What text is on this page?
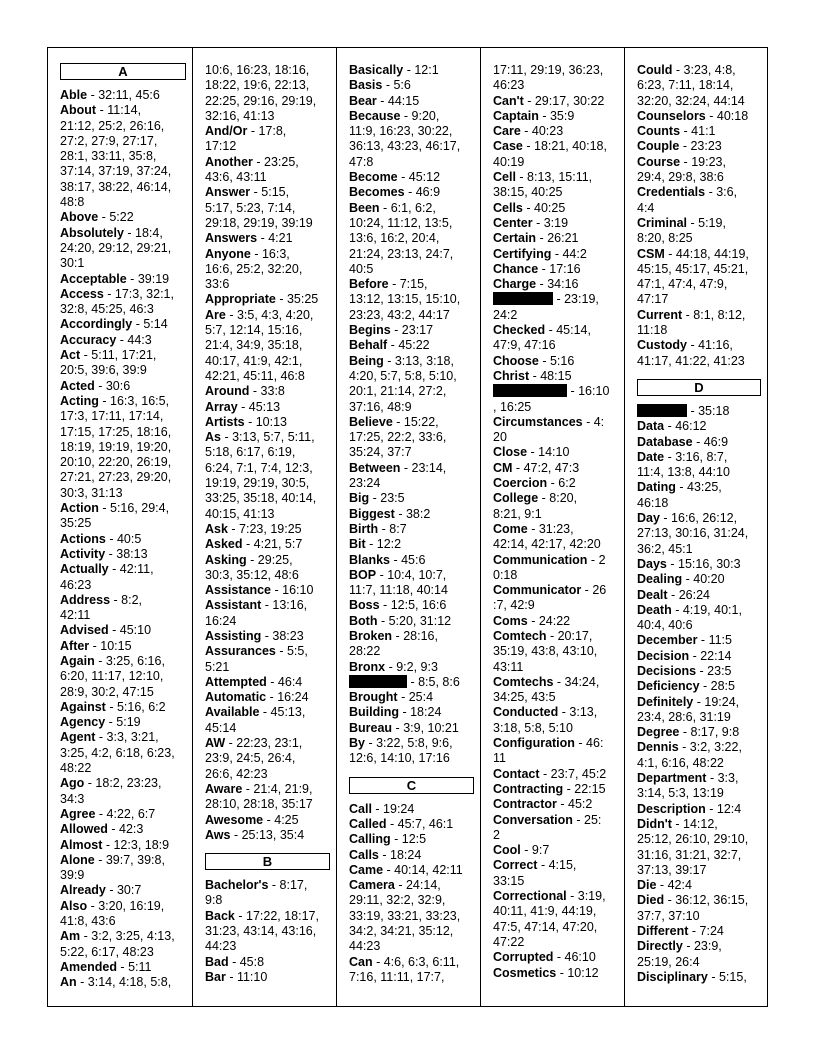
A

Able - 32:11, 45:6

About - 11:14,
21:12, 25:2, 26:16,
27:2, 27:9, 27:17,
28:1, 33:11, 35:8,
37:14, 37:19, 37:24,
38:17, 38:22, 46:14,
48:8

Above - 5:22

Absolutely - 18:4,
24:20, 29:12, 29:21,
30:1

Acceptable - 39:19

Access - 17:3, 32:1,
32:8, 45:25, 46:3

Accordingly - 5:14

Accuracy - 44:3

Act - 5:11, 17:21,
20:5, 39:6, 39:9

Acted - 30:6

Acting - 16:3, 16:5,
17:3, 17:11, 17:14,
17:15, 17:25, 18:16,
18:19, 19:19, 19:20,
20:10, 22:20, 26:19,
27:21, 27:23, 29:20,
30:3, 31:13

Action - 5:16, 29:4,
35:25

Actions - 40:5

Activity - 38:13

Actually - 42:11,
46:23

Address - 8:2,
42:11

Advised - 45:10

After - 10:15

Again - 3:25, 6:16,
6:20, 11:17, 12:10,
28:9, 30:2, 47:15

Against - 5:16, 6:2

Agency - 5:19

Agent - 3:3, 3:21,
3:25, 4:2, 6:18, 6:23,
48:22

Ago - 18:2, 23:23,
34:3

Agree - 4:22, 6:7

Allowed - 42:3

Almost - 12:3, 18:9

Alone - 39:7, 39:8,
39:9

Already - 30:7

Also - 3:20, 16:19,
41:8, 43:6

Am - 3:2, 3:25, 4:13,
5:22, 6:17, 48:23

Amended - 5:11

An - 3:14, 4:18, 5:8,

10:6, 16:23, 18:16,
18:22, 19:6, 22:13,
22:25, 29:16, 29:19,
32:16, 41:13

And/Or - 17:8,
17:12

Another - 23:25,
43:6, 43:11

Answer - 5:15,
5:17, 5:23, 7:14,
29:18, 29:19, 39:19

Answers - 4:21

Anyone - 16:3,
16:6, 25:2, 32:20,
33:6

Appropriate - 35:25

Are - 3:5, 4:3, 4:20,
5:7, 12:14, 15:16,
21:4, 34:9, 35:18,
40:17, 41:9, 42:1,
42:21, 45:11, 46:8

Around - 33:8

Array - 45:13

Artists - 10:13

As - 3:13, 5:7, 5:11,
5:18, 6:17, 6:19,
6:24, 7:1, 7:4, 12:3,
19:19, 29:19, 30:5,
33:25, 35:18, 40:14,
40:15, 41:13

Ask - 7:23, 19:25

Asked - 4:21, 5:7

Asking - 29:25,
30:3, 35:12, 48:6

Assistance - 16:10

Assistant - 13:16,
16:24

Assisting - 38:23

Assurances - 5:5,
5:21

Attempted - 46:4

Automatic - 16:24

Available - 45:13,
45:14

AW - 22:23, 23:1,
23:9, 24:5, 26:4,
26:6, 42:23

Aware - 21:4, 21:9,
28:10, 28:18, 35:17

Awesome - 4:25

Aws - 25:13, 35:4

B

Bachelor's - 8:17,
9:8

Back - 17:22, 18:17,
31:23, 43:14, 43:16,
44:23

Bad - 45:8

Bar - 11:10

Basically - 12:1

Basis - 5:6

Bear - 44:15

Because - 9:20,
11:9, 16:23, 30:22,
36:13, 43:23, 46:17,
47:8

Become - 45:12

Becomes - 46:9

Been - 6:1, 6:2,
10:24, 11:12, 13:5,
13:6, 16:2, 20:4,
21:24, 23:13, 24:7,
40:5

Before - 7:15,
13:12, 13:15, 15:10,
23:23, 43:2, 44:17

Begins - 23:17

Behalf - 45:22

Being - 3:13, 3:18,
4:20, 5:7, 5:8, 5:10,
20:1, 21:14, 27:2,
37:16, 48:9

Believe - 15:22,
17:25, 22:2, 33:6,
35:24, 37:7

Between - 23:14,
23:24

Big - 23:5

Biggest - 38:2

Birth - 8:7

Bit - 12:2

Blanks - 45:6

BOP - 10:4, 10:7,
11:7, 11:18, 40:14

Boss - 12:5, 16:6

Both - 5:20, 31:12

Broken - 28:16,
28:22

Bronx - 9:2, 9:3

- 8:5, 8:6

Brought - 25:4

Building - 18:24

Bureau - 3:9, 10:21

By - 3:22, 5:8, 9:6,
12:6, 14:10, 17:16

C

Call - 19:24

Called - 45:7, 46:1

Calling - 12:5

Calls - 18:24

Came - 40:14, 42:11

Camera - 24:14,
29:11, 32:2, 32:9,
33:19, 33:21, 33:23,
34:2, 34:21, 35:12,
44:23

Can - 4:6, 6:3, 6:11,
7:16, 11:11, 17:7,

17:11, 29:19, 36:23,
46:23

Can't - 29:17, 30:22

Captain - 35:9

Care - 40:23

Case - 18:21, 40:18,
40:19

Cell - 8:13, 15:11,
38:15, 40:25

Cells - 40:25

Center - 3:19

Certain - 26:21

Certifying - 44:2

Chance - 17:16

Charge - 34:16

- 23:19,
24:2

Checked - 45:14,
47:9, 47:16

Choose - 5:16

Christ - 48:15

- 16:10
, 16:25

Circumstances - 4:
20

Close - 14:10

CM - 47:2, 47:3

Coercion - 6:2

College - 8:20,
8:21, 9:1

Come - 31:23,
42:14, 42:17, 42:20

Communication - 2
0:18

Communicator - 26
:7, 42:9

Coms - 24:22

Comtech - 20:17,
35:19, 43:8, 43:10,
43:11

Comtechs - 34:24,
34:25, 43:5

Conducted - 3:13,
3:18, 5:8, 5:10

Configuration - 46:
11

Contact - 23:7, 45:2

Contracting - 22:15

Contractor - 45:2

Conversation - 25:
2

Cool - 9:7

Correct - 4:15,
33:15

Correctional - 3:19,
40:11, 41:9, 44:19,
47:5, 47:14, 47:20,
47:22

Corrupted - 46:10

Cosmetics - 10:12

Could - 3:23, 4:8,
6:23, 7:11, 18:14,
32:20, 32:24, 44:14

Counselors - 40:18

Counts - 41:1

Couple - 23:23

Course - 19:23,
29:4, 29:8, 38:6

Credentials - 3:6,
4:4

Criminal - 5:19,
8:20, 8:25

CSM - 44:18, 44:19,
45:15, 45:17, 45:21,
47:1, 47:4, 47:9,
47:17

Current - 8:1, 8:12,
11:18

Custody - 41:16,
41:17, 41:22, 41:23

D

- 35:18

Data - 46:12

Database - 46:9

Date - 3:16, 8:7,
11:4, 13:8, 44:10

Dating - 43:25,
46:18

Day - 16:6, 26:12,
27:13, 30:16, 31:24,
36:2, 45:1

Days - 15:16, 30:3

Dealing - 40:20

Dealt - 26:24

Death - 4:19, 40:1,
40:4, 40:6

December - 11:5

Decision - 22:14

Decisions - 23:5

Deficiency - 28:5

Definitely - 19:24,
23:4, 28:6, 31:19

Degree - 8:17, 9:8

Dennis - 3:2, 3:22,
4:1, 6:16, 48:22

Department - 3:3,
3:14, 5:3, 13:19

Description - 12:4

Didn't - 14:12,
25:12, 26:10, 29:10,
31:16, 31:21, 32:7,
37:13, 39:17

Die - 42:4

Died - 36:12, 36:15,
37:7, 37:10

Different - 7:24

Directly - 23:9,
25:19, 26:4

Disciplinary - 5:15,
